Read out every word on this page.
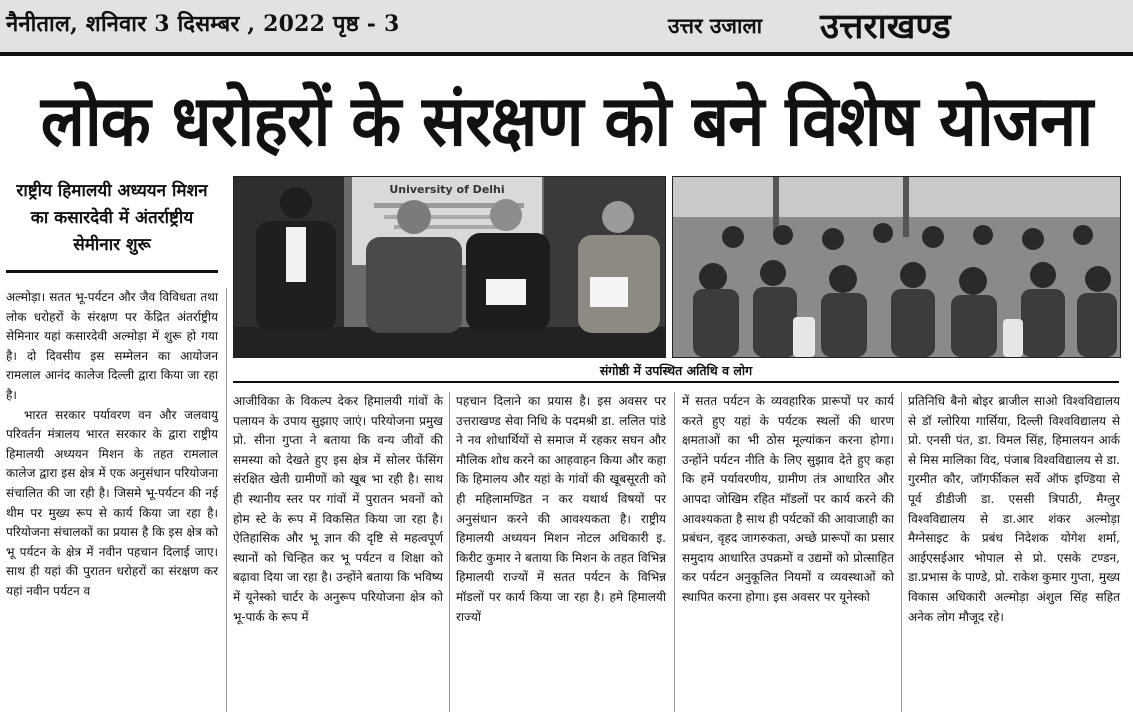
नैनीताल, शनिवार 3 दिसम्बर , 2022 पृष्ठ - 3	उत्तर उजाला उत्तराखण्ड
लोक धरोहरों के संरक्षण को बने विशेष योजना
राष्ट्रीय हिमालयी अध्ययन मिशन का कसारदेवी में अंतर्राष्ट्रीय सेमीनार शुरू
University of Delhi
संगोष्ठी में उपस्थित अतिथि व लोग

अल्मोड़ा। सतत भू-पर्यटन और जैव विविधता तथा लोक धरोहरों के संरक्षण पर केंद्रित अंतर्राष्ट्रीय सेमिनार यहां कसारदेवी अल्मोड़ा में शुरू हो गया है। दो दिवसीय इस सम्मेलन का आयोजन रामलाल आनंद कालेज दिल्ली द्वारा किया जा रहा है।

भारत सरकार पर्यावरण वन और जलवायु परिवर्तन मंत्रालय भारत सरकार के द्वारा राष्ट्रीय हिमालयी अध्ययन मिशन के तहत रामलाल कालेज द्वारा इस क्षेत्र में एक अनुसंधान परियोजना संचालित की जा रही है। जिसमे भू-पर्यटन की नई थीम पर मुख्य रूप से कार्य किया जा रहा है। परियोजना संचालकों का प्रयास है कि इस क्षेत्र को भू पर्यटन के क्षेत्र में नवीन पहचान दिलाई जाए। साथ ही यहां की पुरातन धरोहरों का संरक्षण कर यहां नवीन पर्यटन व

आजीविका के विकल्प देकर हिमालयी गांवों के पलायन के उपाय सुझाए जाएं। परियोजना प्रमुख प्रो. सीना गुप्ता ने बताया कि वन्य जीवों की समस्या को देखते हुए इस क्षेत्र में सोलर फेंसिंग संरक्षित खेती ग्रामीणों को खूब भा रही है। साथ ही स्थानीय स्तर पर गांवों में पुरातन भवनों को होम स्टे के रूप में विकसित किया जा रहा है। ऐतिहासिक और भू ज्ञान की दृष्टि से महत्वपूर्ण स्थानों को चिन्हित कर भू पर्यटन व शिक्षा को बढ़ावा दिया जा रहा है। उन्होंने बताया कि भविष्य में यूनेस्को चार्टर के अनुरूप परियोजना क्षेत्र को भू-पार्क के रूप में

पहचान दिलाने का प्रयास है। इस अवसर पर उत्तराखण्ड सेवा निधि के पदमश्री डा. ललित पांडे ने नव शोधार्थियों से समाज में रहकर सघन और मौलिक शोध करने का आहवाहन किया और कहा कि हिमालय और यहां के गांवों की खूबसूरती को ही महिलामण्डित न कर यथार्थ विषयों पर अनुसंधान करने की आवश्यकता है। राष्ट्रीय हिमालयी अध्ययन मिशन नोटल अधिकारी इ. किरीट कुमार ने बताया कि मिशन के तहत विभिन्न हिमालयी राज्यों में सतत पर्यटन के विभिन्न मॉडलों पर कार्य किया जा रहा है। हमे हिमालयी राज्यों

में सतत पर्यटन के व्यवहारिक प्रारूपों पर कार्य करते हुए यहां के पर्यटक स्थलों की धारण क्षमताओं का भी ठोस मूल्यांकन करना होगा। उन्होंने पर्यटन नीति के लिए सुझाव देते हुए कहा कि हमें पर्यावरणीय, ग्रामीण तंत्र आधारित और आपदा जोखिम रहित मॉडलों पर कार्य करने की आवश्यकता है साथ ही पर्यटकों की आवाजाही का प्रबंधन, वृहद जागरुकता, अच्छे प्रारूपों का प्रसार समुदाय आधारित उपक्रमों व उद्यमों को प्रोत्साहित कर पर्यटन अनुकूलित नियमों व व्यवस्थाओं को स्थापित करना होगा। इस अवसर पर यूनेस्को

प्रतिनिधि बैनो बोइर ब्राजील साओ विश्वविद्यालय से डॉ ग्लोरिया गार्सिया, दिल्ली विश्वविद्यालय से प्रो. एनसी पंत, डा. विमल सिंह, हिमालयन आर्क से मिस मालिका विद, पंजाब विश्वविद्यालय से डा. गुरमीत कौर, जॉगर्फीकल सर्वे ऑफ इण्डिया से पूर्व डीडीजी डा. एससी त्रिपाठी, मैग्लुर विश्वविद्यालय से डा.आर शंकर अल्मोड़ा मैग्नेसाइट के प्रबंध निदेशक योगेश शर्मा, आईएसईआर भोपाल से प्रो. एसके टण्डन, डा.प्रभास के पाण्डे, प्रो. राकेश कुमार गुप्ता, मुख्य विकास अधिकारी अल्मोड़ा अंशुल सिंह सहित अनेक लोग मौजूद रहे।
